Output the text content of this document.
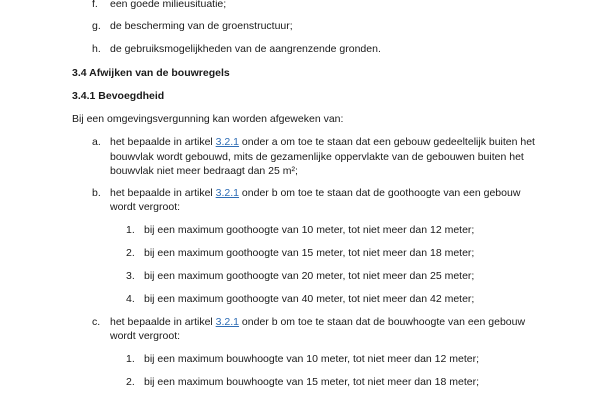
f. een goede milieusituatie;
g. de bescherming van de groenstructuur;
h. de gebruiksmogelijkheden van de aangrenzende gronden.
3.4 Afwijken van de bouwregels
3.4.1 Bevoegdheid
Bij een omgevingsvergunning kan worden afgeweken van:
a. het bepaalde in artikel 3.2.1 onder a om toe te staan dat een gebouw gedeeltelijk buiten het
bouwvlak wordt gebouwd, mits de gezamenlijke oppervlakte van de gebouwen buiten het
bouwvlak niet meer bedraagt dan 25 m²;
b. het bepaalde in artikel 3.2.1 onder b om toe te staan dat de goothoogte van een gebouw
wordt vergroot:
1. bij een maximum goothoogte van 10 meter, tot niet meer dan 12 meter;
2. bij een maximum goothoogte van 15 meter, tot niet meer dan 18 meter;
3. bij een maximum goothoogte van 20 meter, tot niet meer dan 25 meter;
4. bij een maximum goothoogte van 40 meter, tot niet meer dan 42 meter;
c. het bepaalde in artikel 3.2.1 onder b om toe te staan dat de bouwhoogte van een gebouw
wordt vergroot:
1. bij een maximum bouwhoogte van 10 meter, tot niet meer dan 12 meter;
2. bij een maximum bouwhoogte van 15 meter, tot niet meer dan 18 meter;
